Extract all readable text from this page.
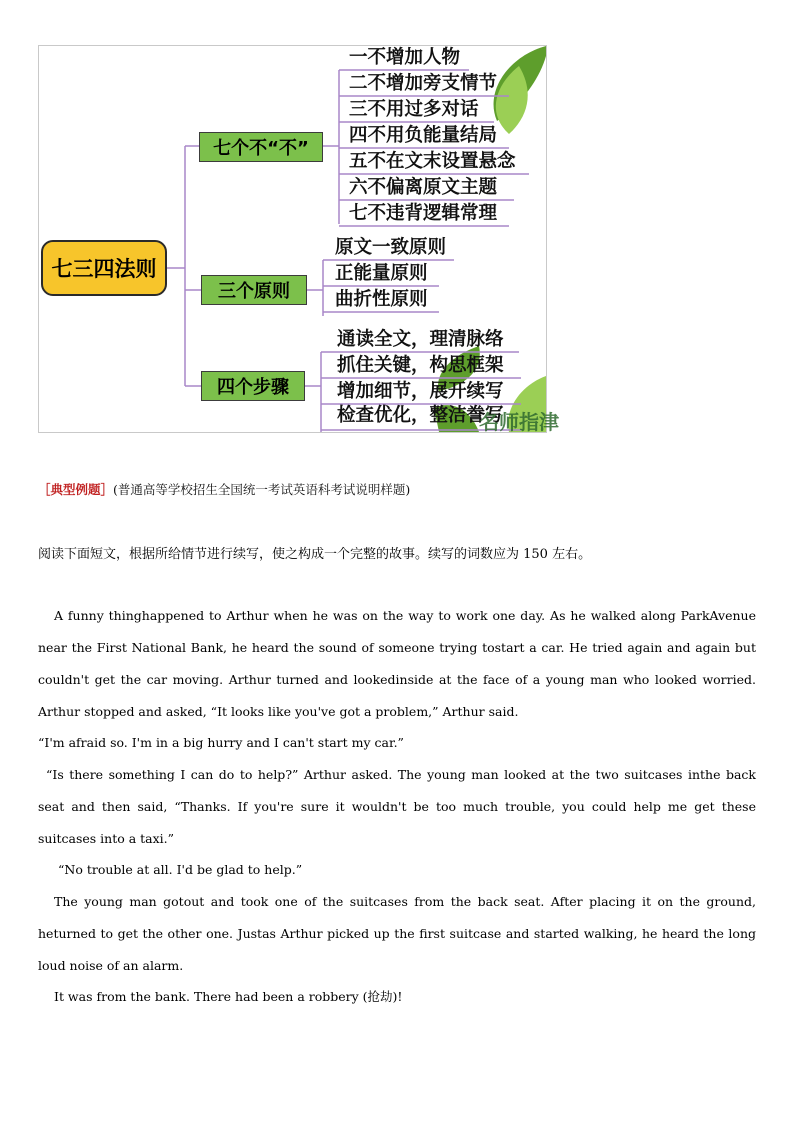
七三四法则
七个不“不”
三个原则
四个步骤
一不增加人物
二不增加旁支情节
三不用过多对话
四不用负能量结局
五不在文末设置悬念
六不偏离原文主题
七不违背逻辑常理
原文一致原则
正能量原则
曲折性原则
通读全文，理清脉络
抓住关键，构思框架
增加细节，展开续写
检查优化，整洁誊写
名师指津
［典型例题］(普通高等学校招生全国统一考试英语科考试说明样题)
阅读下面短文，根据所给情节进行续写，使之构成一个完整的故事。续写的词数应为 150 左右。

A funny thinghappened to Arthur when he was on the way to work one day. As he walked along ParkAvenue near the First National Bank, he heard the sound of someone trying tostart a car. He tried again and again but couldn't get the car moving. Arthur turned and lookedinside at the face of a young man who looked worried. Arthur stopped and asked, “It looks like you've got a problem,” Arthur said.

“I'm afraid so. I'm in a big hurry and I can't start my car.”

“Is there something I can do to help?” Arthur asked. The young man looked at the two suitcases inthe back seat and then said, “Thanks. If you're sure it wouldn't be too much trouble, you could help me get these suitcases into a taxi.”

“No trouble at all. I'd be glad to help.”

The young man gotout and took one of the suitcases from the back seat. After placing it on the ground, heturned to get the other one. Justas Arthur picked up the first suitcase and started walking, he heard the long loud noise of an alarm.

It was from the bank. There had been a robbery (抢劫)!
